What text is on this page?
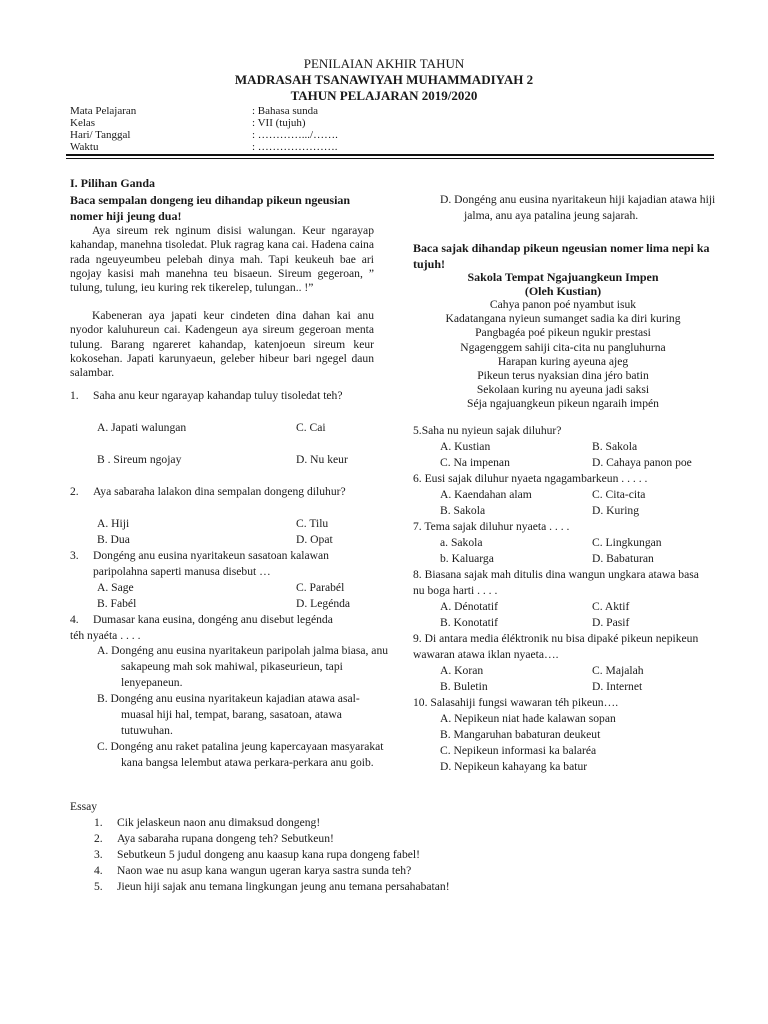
PENILAIAN AKHIR TAHUN
MADRASAH TSANAWIYAH MUHAMMADIYAH 2
TAHUN PELAJARAN 2019/2020
Mata Pelajaran	: Bahasa sunda
Kelas	: VII (tujuh)
Hari/ Tanggal	: ………….../…….
Waktu	: ………………….
I. Pilihan Ganda
Baca sempalan dongeng ieu dihandap pikeun ngeusian nomer hiji jeung dua!
Aya sireum rek nginum disisi walungan. Keur ngarayap kahandap, manehna tisoledat. Pluk ragrag kana cai. Hadena caina rada ngeuyeumbeu pelebah dinya mah. Tapi keukeuh bae ari ngojay kasisi mah manehna teu bisaeun. Sireum gegeroan, ” tulung, tulung, ieu kuring rek tikerelep, tulungan.. !”
Kabeneran aya japati keur cindeten dina dahan kai anu nyodor kaluhureun cai. Kadengeun aya sireum gegeroan menta tulung. Barang ngareret kahandap, katenjoeun sireum keur kokosehan. Japati karunyaeun, geleber hibeur bari ngegel daun salambar.
1. Saha anu keur ngarayap kahandap tuluy tisoledat teh?
A. Japati walungan	C. Cai
B . Sireum ngojay	D. Nu keur
2. Aya sabaraha lalakon dina sempalan dongeng diluhur?
A. Hiji	C. Tilu
B. Dua	D. Opat
3. Dongéng anu eusina nyaritakeun sasatoan kalawan paripolahna saperti manusa disebut …
A. Sage	C. Parabél
B. Fabél	D. Legénda
4.	Dumasar kana eusina, dongéng anu disebut legénda téh nyaéta . . . .
A. Dongéng anu eusina nyaritakeun paripolah jalma biasa, anu sakapeung mah sok mahiwal, pikaseurieun, tapi lenyepaneun.
B. Dongéng anu eusina nyaritakeun kajadian atawa asal-muasal hiji hal, tempat, barang, sasatoan, atawa tutuwuhan.
C. Dongéng anu raket patalina jeung kapercayaan masyarakat kana bangsa lelembut atawa perkara-perkara anu goib.
D. Dongéng anu eusina nyaritakeun hiji kajadian atawa hiji jalma, anu aya patalina jeung sajarah.
Baca sajak dihandap pikeun ngeusian nomer lima nepi ka tujuh!
Sakola Tempat Ngajuangkeun Impen
(Oleh Kustian)
Cahya panon poé nyambut isuk
Kadatangana nyieun sumanget sadia ka diri kuring
Pangbagéa poé pikeun ngukir prestasi
Ngagenggem sahiji cita-cita nu pangluhurna
Harapan kuring ayeuna ajeg
Pikeun terus nyaksian dina jéro batin
Sekolaan kuring nu ayeuna jadi saksi
Séja ngajuangkeun pikeun ngaraih impén
5.Saha nu nyieun sajak diluhur?
A. Kustian	B. Sakola
C. Na impenan	D. Cahaya panon poe
6. Eusi sajak diluhur nyaeta ngagambarkeun . . . . .
A. Kaendahan alam	C. Cita-cita
B. Sakola	D. Kuring
7. Tema sajak diluhur nyaeta . . . .
a. Sakola	C. Lingkungan
b. Kaluarga	D. Babaturan
8. Biasana sajak mah ditulis dina wangun ungkara atawa basa nu boga harti . . . .
A. Dénotatif	C. Aktif
B. Konotatif	D. Pasif
9. Di antara media éléktronik nu bisa dipaké pikeun nepikeun wawaran atawa iklan nyaeta….
A. Koran	C. Majalah
B. Buletin	D. Internet
10. Salasahiji fungsi wawaran téh pikeun….
A. Nepikeun niat hade kalawan sopan
B. Mangaruhan babaturan deukeut
C. Nepikeun informasi ka balaréa
D. Nepikeun kahayang ka batur
Essay
1. Cik jelaskeun naon anu dimaksud dongeng!
2. Aya sabaraha rupana dongeng teh? Sebutkeun!
3. Sebutkeun 5 judul dongeng anu kaasup kana rupa dongeng fabel!
4. Naon wae nu asup kana wangun ugeran karya sastra sunda teh?
5. Jieun hiji sajak anu temana lingkungan jeung anu temana persahabatan!
